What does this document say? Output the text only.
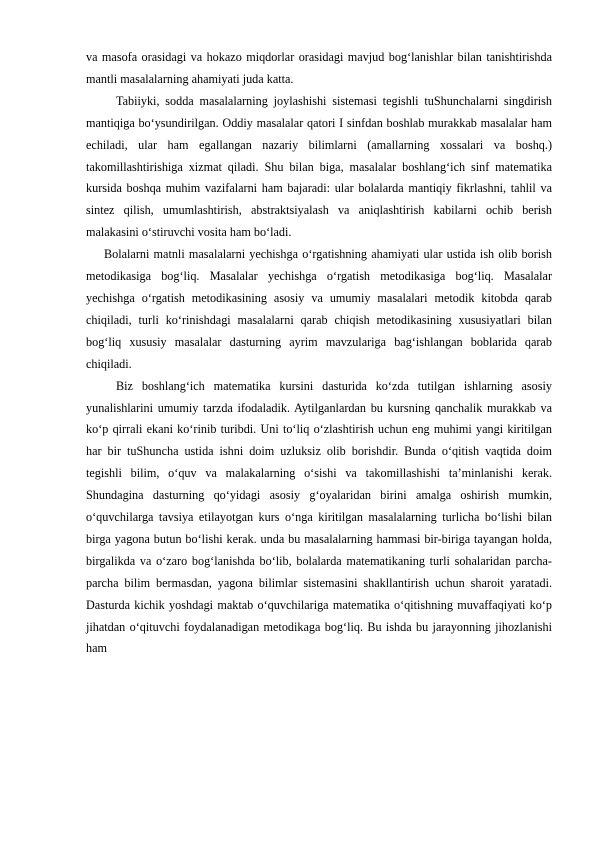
va masofa orasidagi va hokazo miqdorlar orasidagi mavjud bog‘lanishlar bilan tanishtirishda mantli masalalarning ahamiyati juda katta.

Tabiiyki, sodda masalalarning joylashishi sistemasi tegishli tuShunchalarni singdirish mantiqiga bo‘ysundirilgan. Oddiy masalalar qatori I sinfdan boshlab murakkab masalalar ham echiladi, ular ham egallangan nazariy bilimlarni (amallarning xossalari va boshq.) takomillashtirishiga xizmat qiladi. Shu bilan biga, masalalar boshlang‘ich sinf matematika kursida boshqa muhim vazifalarni ham bajaradi: ular bolalarda mantiqiy fikrlashni, tahlil va sintez qilish, umumlashtirish, abstraktsiyalash va aniqlashtirish kabilarni ochib berish malakasini o‘stiruvchi vosita ham bo‘ladi.

Bolalarni matnli masalalarni yechishga o‘rgatishning ahamiyati ular ustida ish olib borish metodikasiga bog‘liq. Masalalar yechishga o‘rgatish metodikasiga bog‘liq. Masalalar yechishga o‘rgatish metodikasining asosiy va umumiy masalalari metodik kitobda qarab chiqiladi, turli ko‘rinishdagi masalalarni qarab chiqish metodikasining xususiyatlari bilan bog‘liq xususiy masalalar dasturning ayrim mavzulariga bag‘ishlangan boblarida qarab chiqiladi.

Biz boshlang‘ich matematika kursini dasturida ko‘zda tutilgan ishlarning asosiy yunalishlarini umumiy tarzda ifodaladik. Aytilganlardan bu kursning qanchalik murakkab va ko‘p qirrali ekani ko‘rinib turibdi. Uni to‘liq o‘zlashtirish uchun eng muhimi yangi kiritilgan har bir tuShuncha ustida ishni doim uzluksiz olib borishdir. Bunda o‘qitish vaqtida doim tegishli bilim, o‘quv va malakalarning o‘sishi va takomillashishi ta’minlanishi kerak. Shundagina dasturning qo‘yidagi asosiy g‘oyalaridan birini amalga oshirish mumkin, o‘quvchilarga tavsiya etilayotgan kurs o‘nga kiritilgan masalalarning turlicha bo‘lishi bilan birga yagona butun bo‘lishi kerak. unda bu masalalarning hammasi bir-biriga tayangan holda, birgalikda va o‘zaro bog‘lanishda bo‘lib, bolalarda matematikaning turli sohalaridan parcha-parcha bilim bermasdan, yagona bilimlar sistemasini shakllantirish uchun sharoit yaratadi. Dasturda kichik yoshdagi maktab o‘quvchilariga matematika o‘qitishning muvaffaqiyati ko‘p jihatdan o‘qituvchi foydalanadigan metodikaga bog‘liq. Bu ishda bu jarayonning jihozlanishi ham
